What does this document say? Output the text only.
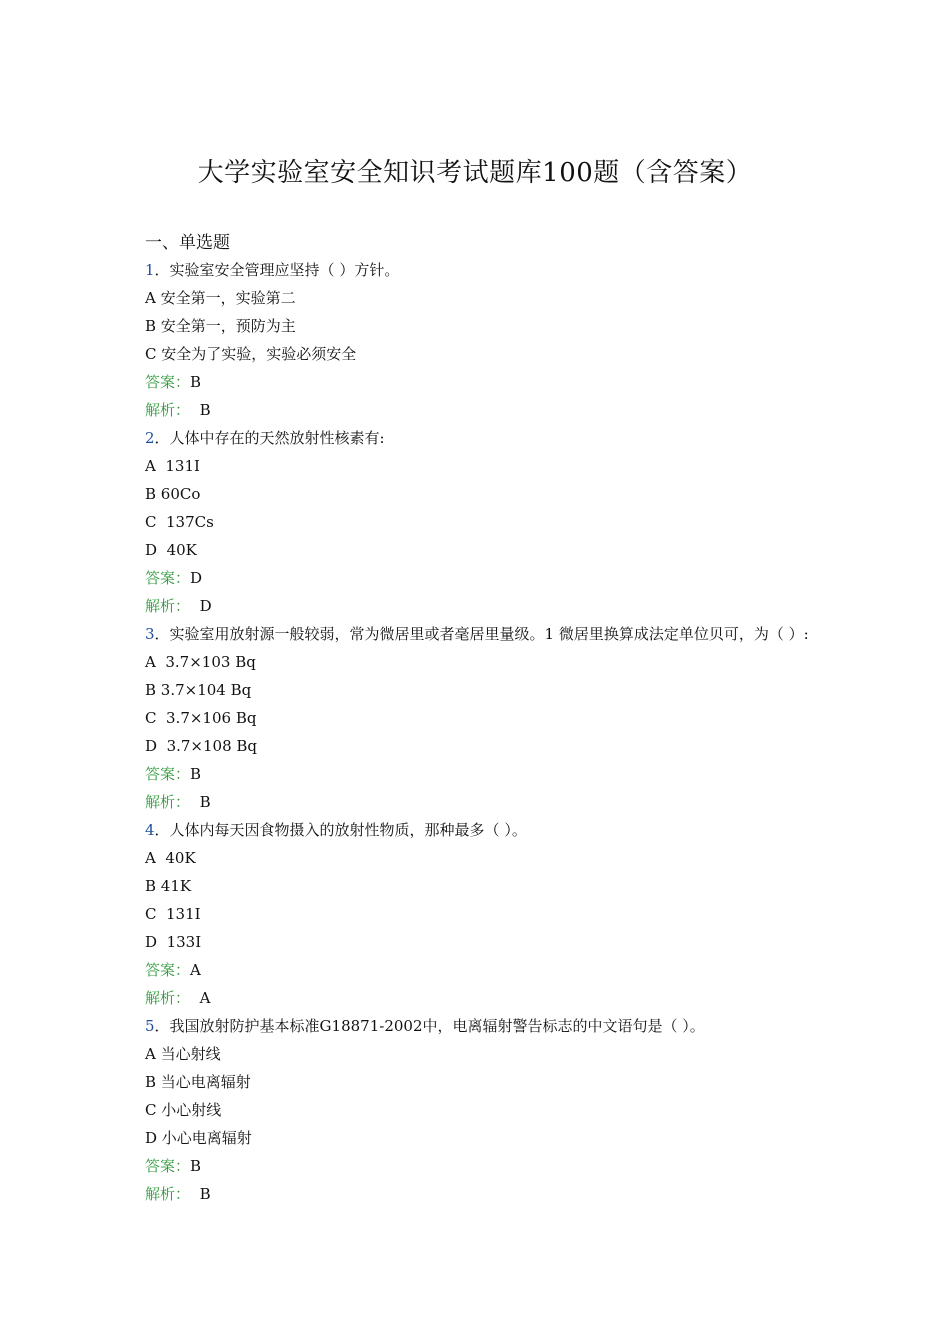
大学实验室安全知识考试题库100题（含答案）

一、单选题

1．实验室安全管理应坚持（ ）方针。

A 安全第一，实验第二

B 安全第一，预防为主

C 安全为了实验，实验必须安全

答案：B

解析： B

2．人体中存在的天然放射性核素有:

A  131I

B 60Co

C  137Cs

D  40K

答案：D

解析： D

3．实验室用放射源一般较弱，常为微居里或者毫居里量级。1 微居里换算成法定单位贝可，为（ ）:

A  3.7×103 Bq

B 3.7×104 Bq

C  3.7×106 Bq

D  3.7×108 Bq

答案：B

解析： B

4．人体内每天因食物摄入的放射性物质，那种最多（ ）。

A  40K

B 41K

C  131I

D  133I

答案：A

解析： A

5．我国放射防护基本标准G18871-2002中，电离辐射警告标志的中文语句是（ ）。

A 当心射线

B 当心电离辐射

C 小心射线

D 小心电离辐射

答案：B

解析： B
